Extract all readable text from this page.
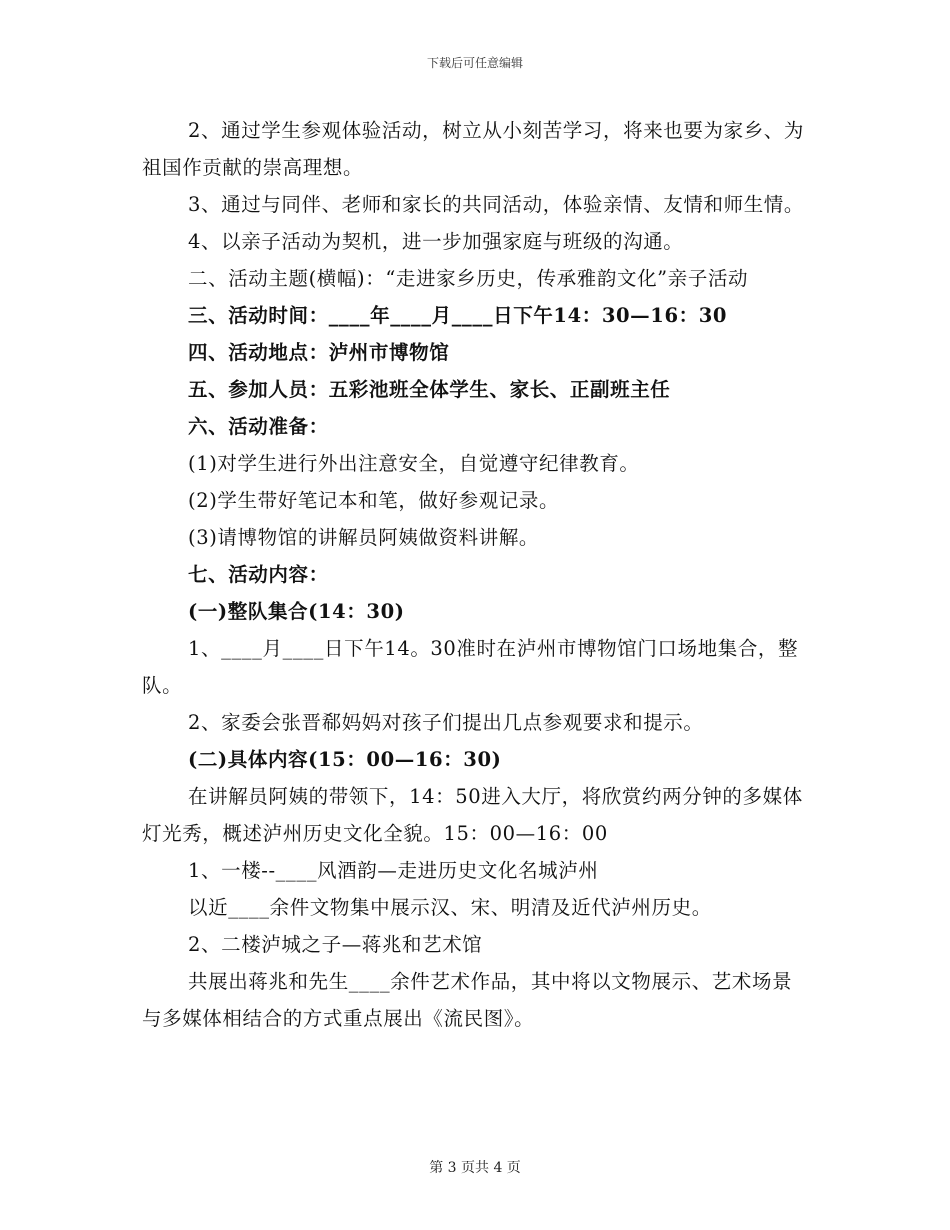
下载后可任意编辑

2、通过学生参观体验活动，树立从小刻苦学习，将来也要为家乡、为祖国作贡献的崇高理想。

3、通过与同伴、老师和家长的共同活动，体验亲情、友情和师生情。

4、以亲子活动为契机，进一步加强家庭与班级的沟通。

二、活动主题(横幅)：“走进家乡历史，传承雅韵文化”亲子活动

三、活动时间：____年____月____日下午14：30—16：30

四、活动地点：泸州市博物馆

五、参加人员：五彩池班全体学生、家长、正副班主任

六、活动准备：

(1)对学生进行外出注意安全，自觉遵守纪律教育。

(2)学生带好笔记本和笔，做好参观记录。

(3)请博物馆的讲解员阿姨做资料讲解。

七、活动内容：

(一)整队集合(14：30)

1、____月____日下午14。30准时在泸州市博物馆门口场地集合，整队。

2、家委会张晋郗妈妈对孩子们提出几点参观要求和提示。

(二)具体内容(15：00—16：30)

在讲解员阿姨的带领下，14：50进入大厅，将欣赏约两分钟的多媒体灯光秀，概述泸州历史文化全貌。15：00—16：00

1、一楼--____风酒韵—走进历史文化名城泸州

以近____余件文物集中展示汉、宋、明清及近代泸州历史。

2、二楼泸城之子—蒋兆和艺术馆

共展出蒋兆和先生____余件艺术作品，其中将以文物展示、艺术场景与多媒体相结合的方式重点展出《流民图》。

第 3 页共 4 页
